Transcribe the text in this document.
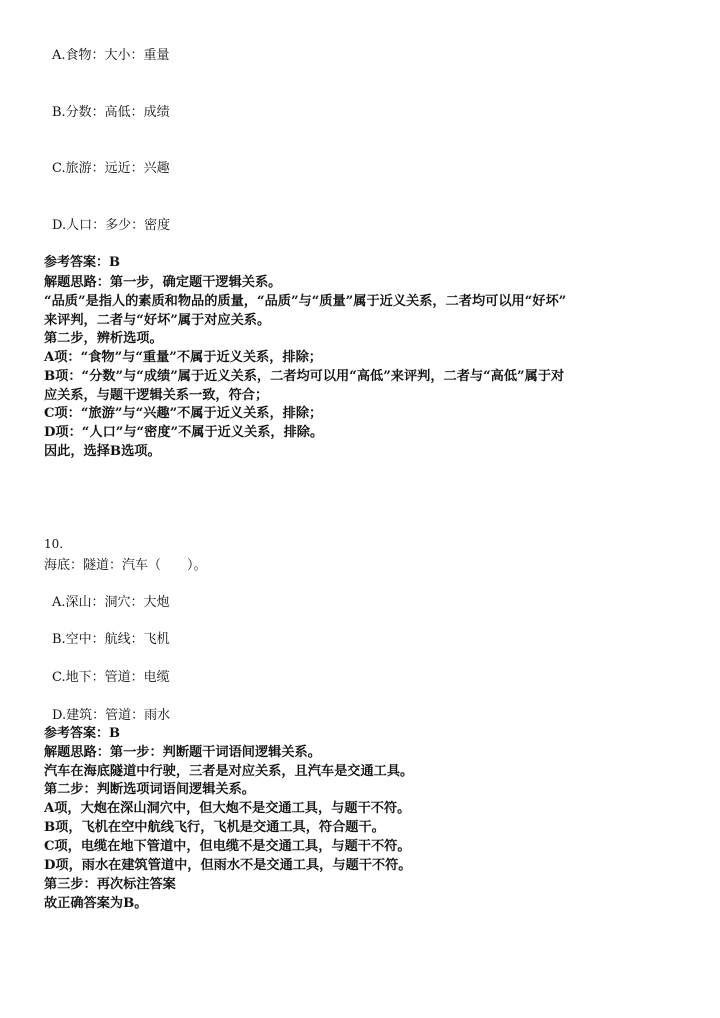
A.食物：大小：重量
B.分数：高低：成绩
C.旅游：远近：兴趣
D.人口：多少：密度
参考答案：B
解题思路：第一步，确定题干逻辑关系。
“品质”是指人的素质和物品的质量，“品质”与“质量”属于近义关系，二者均可以用“好坏”
来评判，二者与“好坏”属于对应关系。
第二步，辨析选项。
A项：“食物”与“重量”不属于近义关系，排除；
B项：“分数”与“成绩”属于近义关系，二者均可以用“高低”来评判，二者与“高低”属于对
应关系，与题干逻辑关系一致，符合；
C项：“旅游”与“兴趣”不属于近义关系，排除；
D项：“人口”与“密度”不属于近义关系，排除。
因此，选择B选项。
10.
海底：隧道：汽车（　　）。
A.深山：洞穴：大炮
B.空中：航线：飞机
C.地下：管道：电缆
D.建筑：管道：雨水
参考答案：B
解题思路：第一步：判断题干词语间逻辑关系。
汽车在海底隧道中行驶，三者是对应关系，且汽车是交通工具。
第二步：判断选项词语间逻辑关系。
A项，大炮在深山洞穴中，但大炮不是交通工具，与题干不符。
B项，飞机在空中航线飞行，飞机是交通工具，符合题干。
C项，电缆在地下管道中，但电缆不是交通工具，与题干不符。
D项，雨水在建筑管道中，但雨水不是交通工具，与题干不符。
第三步：再次标注答案
故正确答案为B。
